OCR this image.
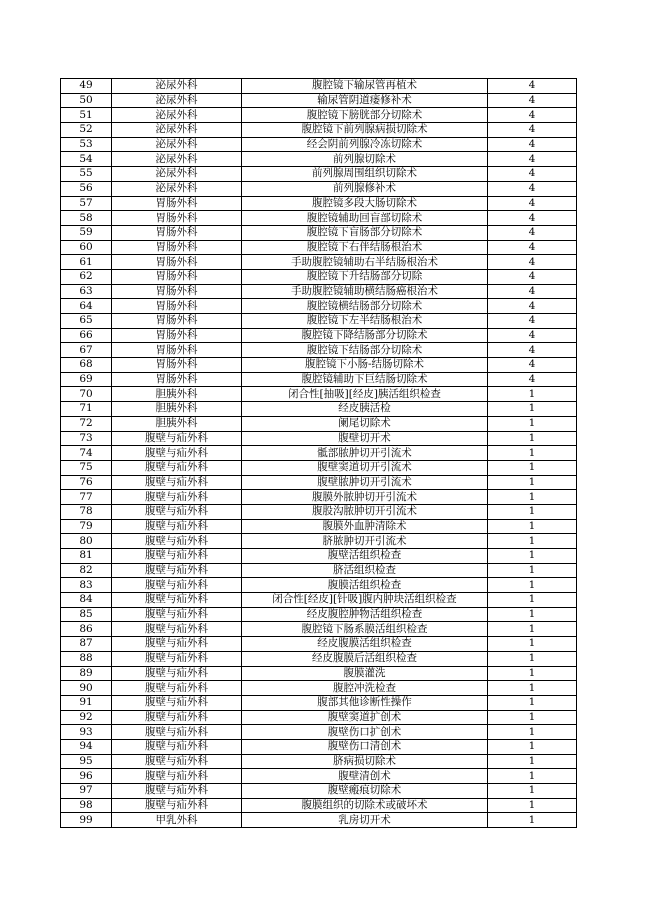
49	泌尿外科	腹腔镜下输尿管再植术	4
50	泌尿外科	输尿管阴道瘘修补术	4
51	泌尿外科	腹腔镜下膀胱部分切除术	4
52	泌尿外科	腹腔镜下前列腺病损切除术	4
53	泌尿外科	经会阴前列腺冷冻切除术	4
54	泌尿外科	前列腺切除术	4
55	泌尿外科	前列腺周围组织切除术	4
56	泌尿外科	前列腺修补术	4
57	胃肠外科	腹腔镜多段大肠切除术	4
58	胃肠外科	腹腔镜辅助回盲部切除术	4
59	胃肠外科	腹腔镜下盲肠部分切除术	4
60	胃肠外科	腹腔镜下右伴结肠根治术	4
61	胃肠外科	手助腹腔镜辅助右半结肠根治术	4
62	胃肠外科	腹腔镜下升结肠部分切除	4
63	胃肠外科	手助腹腔镜辅助横结肠癌根治术	4
64	胃肠外科	腹腔镜横结肠部分切除术	4
65	胃肠外科	腹腔镜下左半结肠根治术	4
66	胃肠外科	腹腔镜下降结肠部分切除术	4
67	胃肠外科	腹腔镜下结肠部分切除术	4
68	胃肠外科	腹腔镜下小肠-结肠切除术	4
69	胃肠外科	腹腔镜辅助下巨结肠切除术	4
70	胆胰外科	闭合性[抽吸][经皮]胰活组织检查	1
71	胆胰外科	经皮胰活检	1
72	胆胰外科	阑尾切除术	1
73	腹壁与疝外科	腹壁切开术	1
74	腹壁与疝外科	骶部脓肿切开引流术	1
75	腹壁与疝外科	腹壁窦道切开引流术	1
76	腹壁与疝外科	腹壁脓肿切开引流术	1
77	腹壁与疝外科	腹膜外脓肿切开引流术	1
78	腹壁与疝外科	腹股沟脓肿切开引流术	1
79	腹壁与疝外科	腹膜外血肿清除术	1
80	腹壁与疝外科	脐脓肿切开引流术	1
81	腹壁与疝外科	腹壁活组织检查	1
82	腹壁与疝外科	脐活组织检查	1
83	腹壁与疝外科	腹膜活组织检查	1
84	腹壁与疝外科	闭合性[经皮][针吸]腹内肿块活组织检查	1
85	腹壁与疝外科	经皮腹腔肿物活组织检查	1
86	腹壁与疝外科	腹腔镜下肠系膜活组织检查	1
87	腹壁与疝外科	经皮腹膜活组织检查	1
88	腹壁与疝外科	经皮腹膜后活组织检查	1
89	腹壁与疝外科	腹膜灌洗	1
90	腹壁与疝外科	腹腔冲洗检查	1
91	腹壁与疝外科	腹部其他诊断性操作	1
92	腹壁与疝外科	腹壁窦道扩创术	1
93	腹壁与疝外科	腹壁伤口扩创术	1
94	腹壁与疝外科	腹壁伤口清创术	1
95	腹壁与疝外科	脐病损切除术	1
96	腹壁与疝外科	腹壁清创术	1
97	腹壁与疝外科	腹壁瘢痕切除术	1
98	腹壁与疝外科	腹膜组织的切除术或破坏术	1
99	甲乳外科	乳房切开术	1
